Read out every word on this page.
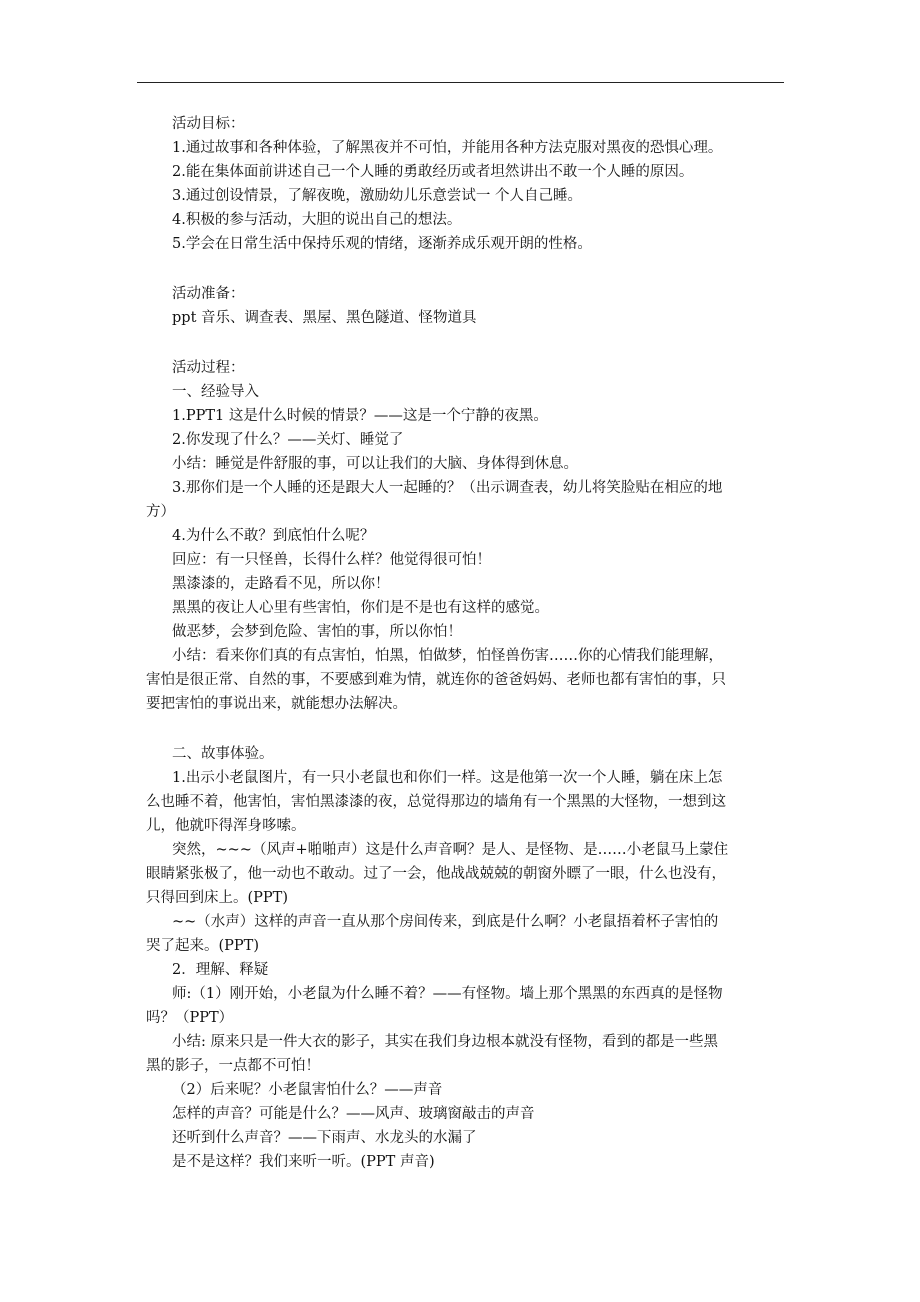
活动目标：
1.通过故事和各种体验，了解黑夜并不可怕，并能用各种方法克服对黑夜的恐惧心理。
2.能在集体面前讲述自己一个人睡的勇敢经历或者坦然讲出不敢一个人睡的原因。
3.通过创设情景，了解夜晚，激励幼儿乐意尝试一 个人自己睡。
4.积极的参与活动，大胆的说出自己的想法。
5.学会在日常生活中保持乐观的情绪，逐渐养成乐观开朗的性格。
活动准备：
ppt 音乐、调查表、黑屋、黑色隧道、怪物道具
活动过程：
一、经验导入
1.PPT1 这是什么时候的情景？——这是一个宁静的夜黑。
2.你发现了什么？——关灯、睡觉了
小结：睡觉是件舒服的事，可以让我们的大脑、身体得到休息。
3.那你们是一个人睡的还是跟大人一起睡的？（出示调查表，幼儿将笑脸贴在相应的地
方）
4.为什么不敢？到底怕什么呢？
回应：有一只怪兽，长得什么样？他觉得很可怕！
黑漆漆的，走路看不见，所以你！
黑黑的夜让人心里有些害怕，你们是不是也有这样的感觉。
做恶梦，会梦到危险、害怕的事，所以你怕！
小结：看来你们真的有点害怕，怕黑，怕做梦，怕怪兽伤害……你的心情我们能理解，
害怕是很正常、自然的事，不要感到难为情，就连你的爸爸妈妈、老师也都有害怕的事，只
要把害怕的事说出来，就能想办法解决。
二、故事体验。
1.出示小老鼠图片，有一只小老鼠也和你们一样。这是他第一次一个人睡，躺在床上怎
么也睡不着，他害怕，害怕黑漆漆的夜，总觉得那边的墙角有一个黑黑的大怪物，一想到这
儿，他就吓得浑身哆嗦。
突然，~~~（风声+啪啪声）这是什么声音啊？是人、是怪物、是……小老鼠马上蒙住
眼睛紧张极了，他一动也不敢动。过了一会，他战战兢兢的朝窗外瞟了一眼，什么也没有，
只得回到床上。(PPT)
~~（水声）这样的声音一直从那个房间传来，到底是什么啊？小老鼠捂着杯子害怕的
哭了起来。(PPT)
2．理解、释疑
师:（1）刚开始，小老鼠为什么睡不着？——有怪物。墙上那个黑黑的东西真的是怪物
吗？（PPT）
小结: 原来只是一件大衣的影子，其实在我们身边根本就没有怪物，看到的都是一些黑
黑的影子，一点都不可怕！
（2）后来呢？小老鼠害怕什么？——声音
怎样的声音？可能是什么？——风声、玻璃窗敲击的声音
还听到什么声音？——下雨声、水龙头的水漏了
是不是这样？我们来听一听。(PPT 声音)
